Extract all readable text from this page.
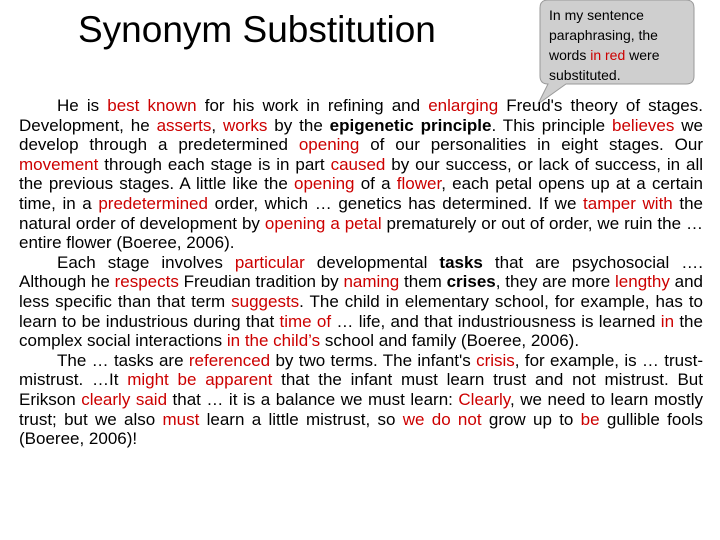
Synonym Substitution	In my sentence paraphrasing, the words in red were substituted.

He is best known for his work in refining and enlarging Freud's theory of stages. Development, he asserts, works by the epigenetic principle. This principle believes we develop through a predetermined opening of our personalities in eight stages. Our movement through each stage is in part caused by our success, or lack of success, in all the previous stages. A little like the opening of a flower, each petal opens up at a certain time, in a predetermined order, which … genetics has determined. If we tamper with the natural order of development by opening a petal prematurely or out of order, we ruin the … entire flower (Boeree, 2006).

Each stage involves particular developmental tasks that are psychosocial …. Although he respects Freudian tradition by naming them crises, they are more lengthy and less specific than that term suggests. The child in elementary school, for example, has to learn to be industrious during that time of … life, and that industriousness is learned in the complex social interactions in the child’s school and family (Boeree, 2006).

The … tasks are referenced by two terms. The infant's crisis, for example, is … trust-mistrust. …It might be apparent that the infant must learn trust and not mistrust. But Erikson clearly said that … it is a balance we must learn: Clearly, we need to learn mostly trust; but we also must learn a little mistrust, so we do not grow up to be gullible fools (Boeree, 2006)!
